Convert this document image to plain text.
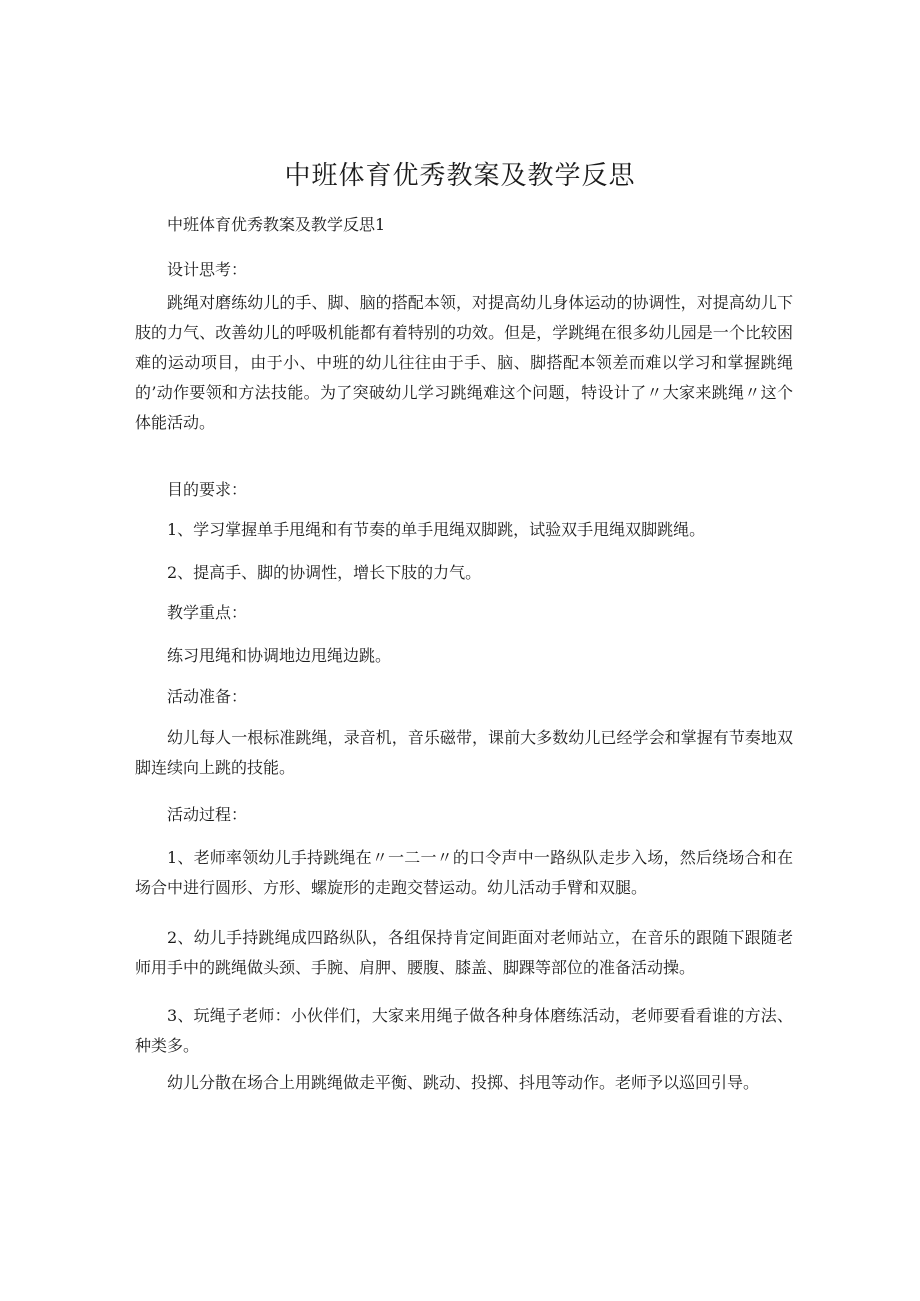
中班体育优秀教案及教学反思

中班体育优秀教案及教学反思1

设计思考：

跳绳对磨练幼儿的手、脚、脑的搭配本领，对提高幼儿身体运动的协调性，对提高幼儿下肢的力气、改善幼儿的呼吸机能都有着特别的功效。但是，学跳绳在很多幼儿园是一个比较困难的运动项目，由于小、中班的幼儿往往由于手、脑、脚搭配本领差而难以学习和掌握跳绳的’动作要领和方法技能。为了突破幼儿学习跳绳难这个问题，特设计了〃大家来跳绳〃这个体能活动。

目的要求：

1、学习掌握单手甩绳和有节奏的单手甩绳双脚跳，试验双手甩绳双脚跳绳。

2、提高手、脚的协调性，增长下肢的力气。

教学重点：

练习甩绳和协调地边甩绳边跳。

活动准备：

幼儿每人一根标准跳绳，录音机，音乐磁带，课前大多数幼儿已经学会和掌握有节奏地双脚连续向上跳的技能。

活动过程：

1、老师率领幼儿手持跳绳在〃一二一〃的口令声中一路纵队走步入场，然后绕场合和在场合中进行圆形、方形、螺旋形的走跑交替运动。幼儿活动手臂和双腿。

2、幼儿手持跳绳成四路纵队，各组保持肯定间距面对老师站立，在音乐的跟随下跟随老师用手中的跳绳做头颈、手腕、肩胛、腰腹、膝盖、脚踝等部位的准备活动操。

3、玩绳子老师：小伙伴们，大家来用绳子做各种身体磨练活动，老师要看看谁的方法、种类多。

幼儿分散在场合上用跳绳做走平衡、跳动、投掷、抖甩等动作。老师予以巡回引导。
